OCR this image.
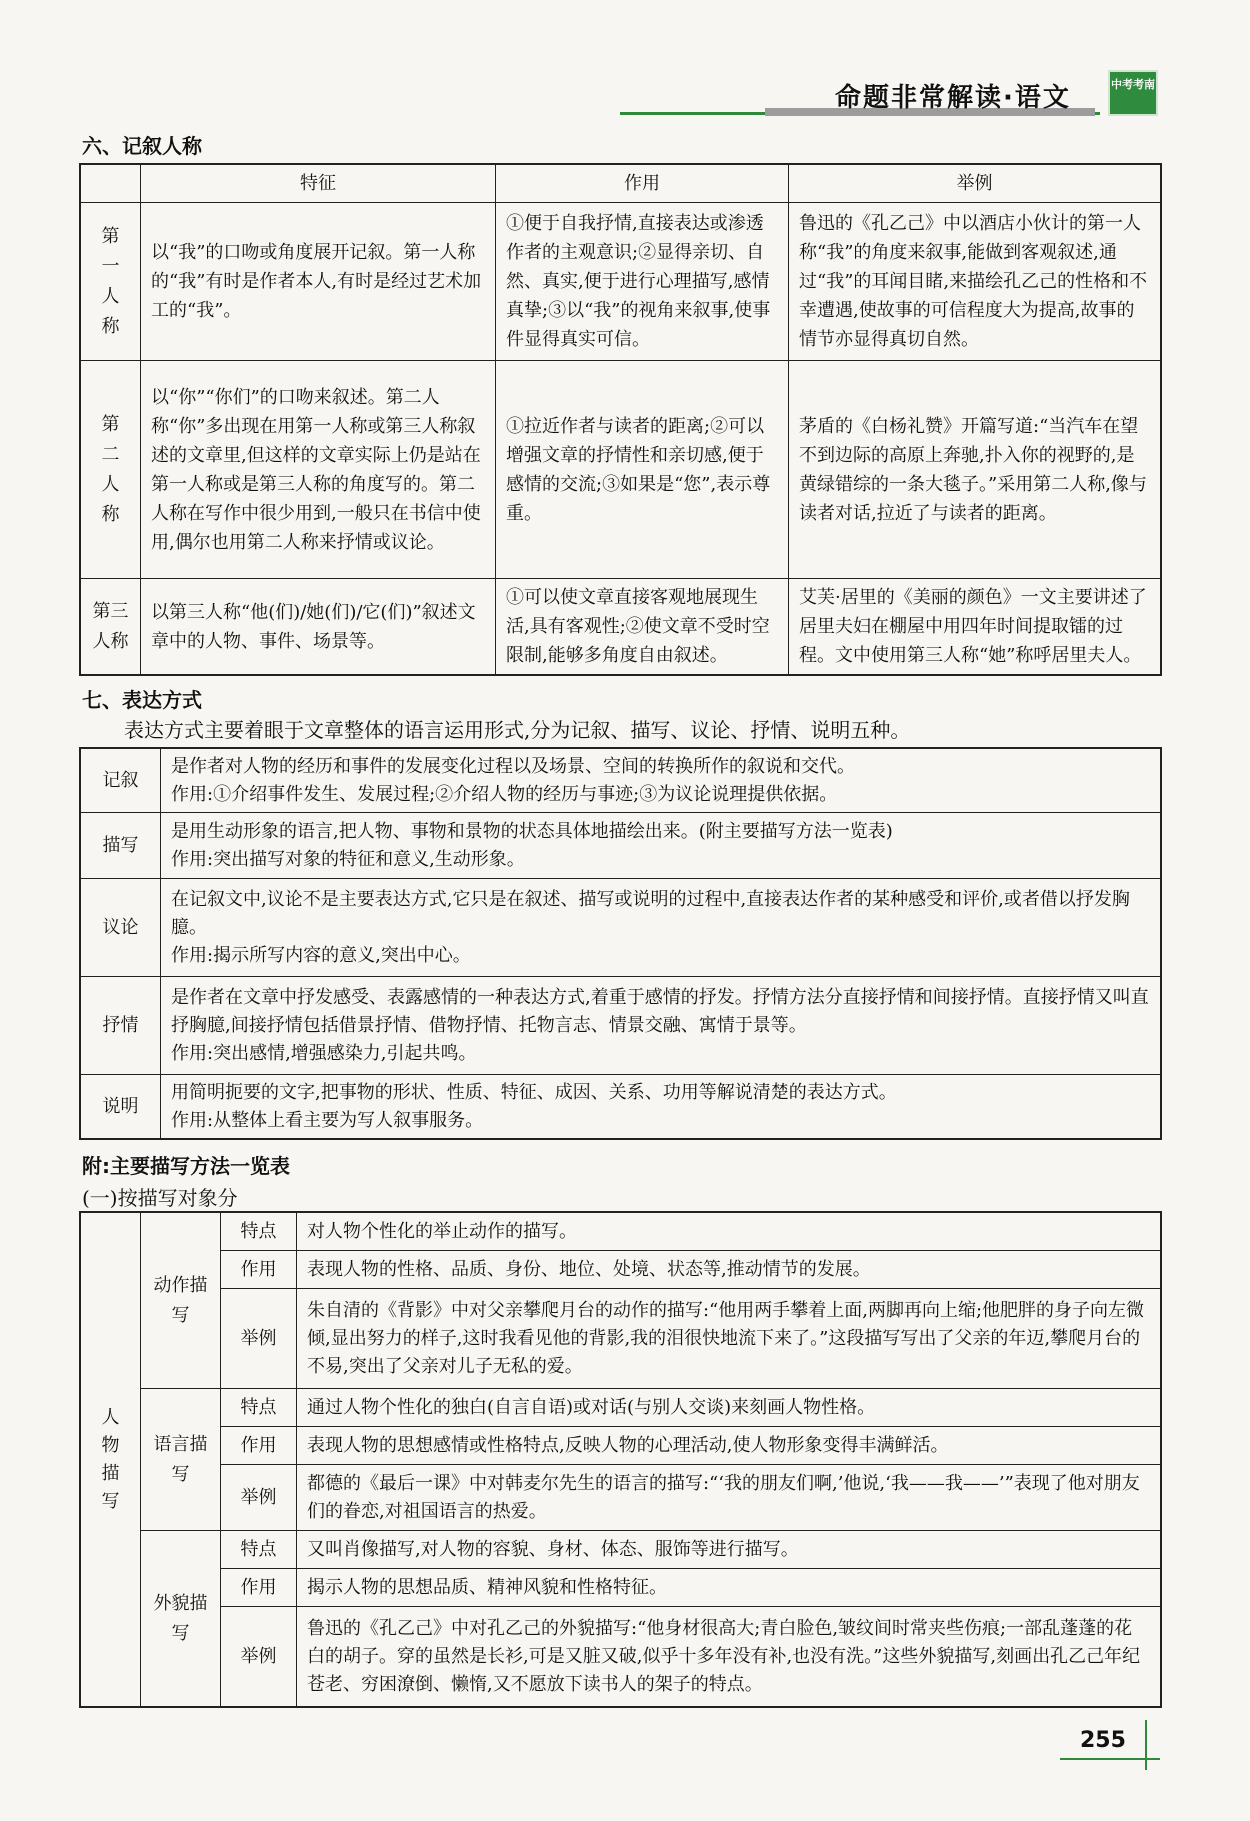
命题非常解读·语文	中考考南
六、记叙人称
	特征	作用	举例

第一人称	以“我”的口吻或角度展开记叙。第一人称的“我”有时是作者本人,有时是经过艺术加工的“我”。	①便于自我抒情,直接表达或渗透作者的主观意识;②显得亲切、自然、真实,便于进行心理描写,感情真挚;③以“我”的视角来叙事,使事件显得真实可信。	鲁迅的《孔乙己》中以酒店小伙计的第一人称“我”的角度来叙事,能做到客观叙述,通过“我”的耳闻目睹,来描绘孔乙己的性格和不幸遭遇,使故事的可信程度大为提高,故事的情节亦显得真切自然。

第二人称	以“你”“你们”的口吻来叙述。第二人称“你”多出现在用第一人称或第三人称叙述的文章里,但这样的文章实际上仍是站在第一人称或是第三人称的角度写的。第二人称在写作中很少用到,一般只在书信中使用,偶尔也用第二人称来抒情或议论。	①拉近作者与读者的距离;②可以增强文章的抒情性和亲切感,便于感情的交流;③如果是“您”,表示尊重。	茅盾的《白杨礼赞》开篇写道:“当汽车在望不到边际的高原上奔驰,扑入你的视野的,是黄绿错综的一条大毯子。”采用第二人称,像与读者对话,拉近了与读者的距离。
第三人称	以第三人称“他(们)/她(们)/它(们)”叙述文章中的人物、事件、场景等。	①可以使文章直接客观地展现生活,具有客观性;②使文章不受时空限制,能够多角度自由叙述。	艾芙·居里的《美丽的颜色》一文主要讲述了居里夫妇在棚屋中用四年时间提取镭的过程。文中使用第三人称“她”称呼居里夫人。
七、表达方式
表达方式主要着眼于文章整体的语言运用形式,分为记叙、描写、议论、抒情、说明五种。
记叙	是作者对人物的经历和事件的发展变化过程以及场景、空间的转换所作的叙说和交代。
作用:①介绍事件发生、发展过程;②介绍人物的经历与事迹;③为议论说理提供依据。

描写	是用生动形象的语言,把人物、事物和景物的状态具体地描绘出来。(附主要描写方法一览表)
作用:突出描写对象的特征和意义,生动形象。

议论	在记叙文中,议论不是主要表达方式,它只是在叙述、描写或说明的过程中,直接表达作者的某种感受和评价,或者借以抒发胸臆。
作用:揭示所写内容的意义,突出中心。

抒情	是作者在文章中抒发感受、表露感情的一种表达方式,着重于感情的抒发。抒情方法分直接抒情和间接抒情。直接抒情又叫直抒胸臆,间接抒情包括借景抒情、借物抒情、托物言志、情景交融、寓情于景等。
作用:突出感情,增强感染力,引起共鸣。

说明	用简明扼要的文字,把事物的形状、性质、特征、成因、关系、功用等解说清楚的表达方式。
作用:从整体上看主要为写人叙事服务。
附:主要描写方法一览表
(一)按描写对象分
人物描写	动作描写	特点	对人物个性化的举止动作的描写。
		作用	表现人物的性格、品质、身份、地位、处境、状态等,推动情节的发展。
		举例	朱自清的《背影》中对父亲攀爬月台的动作的描写:“他用两手攀着上面,两脚再向上缩;他肥胖的身子向左微倾,显出努力的样子,这时我看见他的背影,我的泪很快地流下来了。”这段描写写出了父亲的年迈,攀爬月台的不易,突出了父亲对儿子无私的爱。
	语言描写	特点	通过人物个性化的独白(自言自语)或对话(与别人交谈)来刻画人物性格。
		作用	表现人物的思想感情或性格特点,反映人物的心理活动,使人物形象变得丰满鲜活。
		举例	都德的《最后一课》中对韩麦尔先生的语言的描写:“‘我的朋友们啊,’他说,‘我——我——’”表现了他对朋友们的眷恋,对祖国语言的热爱。
	外貌描写	特点	又叫肖像描写,对人物的容貌、身材、体态、服饰等进行描写。
		作用	揭示人物的思想品质、精神风貌和性格特征。
		举例	鲁迅的《孔乙己》中对孔乙己的外貌描写:“他身材很高大;青白脸色,皱纹间时常夹些伤痕;一部乱蓬蓬的花白的胡子。穿的虽然是长衫,可是又脏又破,似乎十多年没有补,也没有洗。”这些外貌描写,刻画出孔乙己年纪苍老、穷困潦倒、懒惰,又不愿放下读书人的架子的特点。
255
